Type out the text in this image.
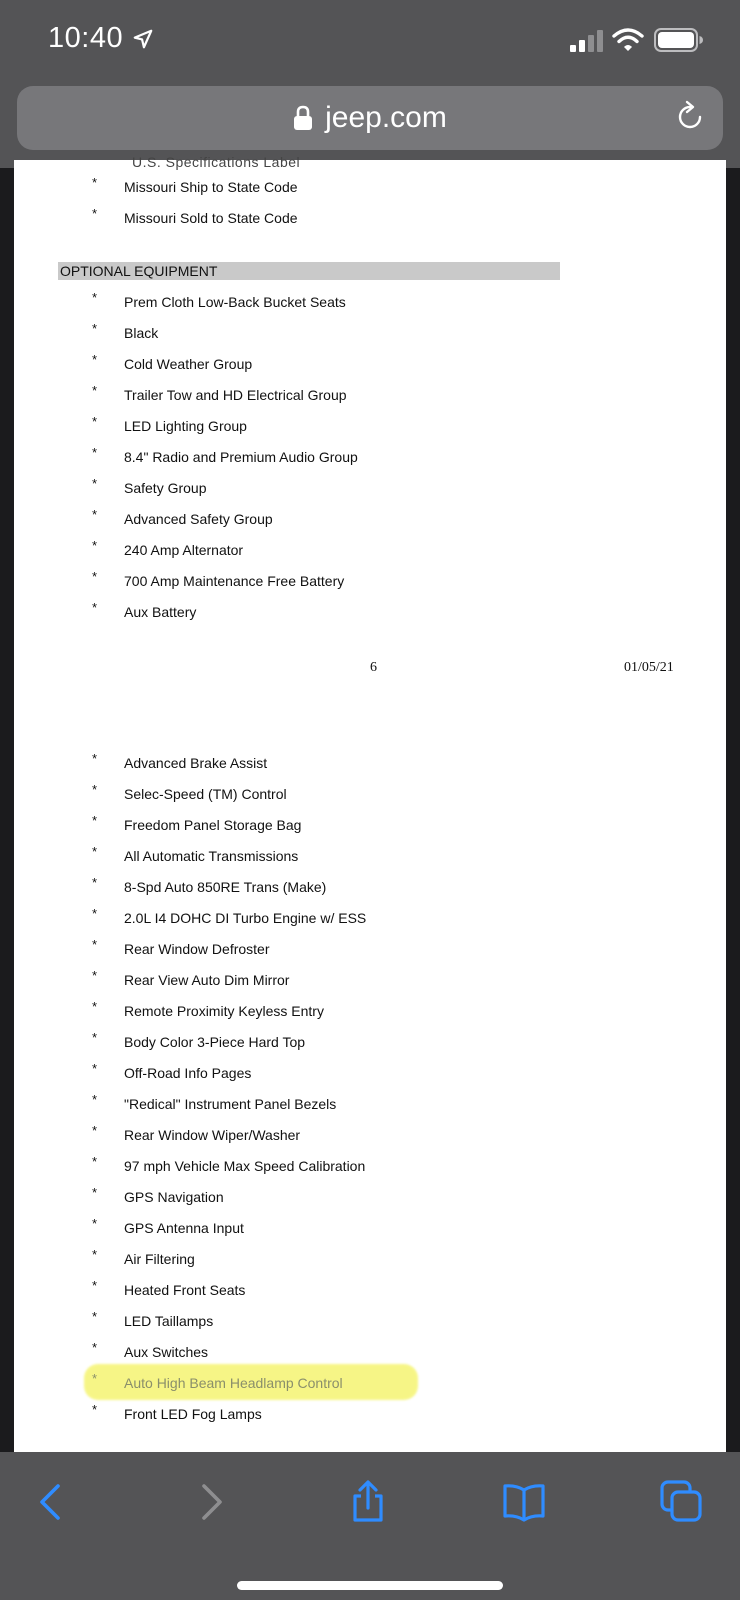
10:40
jeep.com
U.S. Specifications Label
* Missouri Ship to State Code
* Missouri Sold to State Code
OPTIONAL EQUIPMENT
* Prem Cloth Low-Back Bucket Seats
* Black
* Cold Weather Group
* Trailer Tow and HD Electrical Group
* LED Lighting Group
* 8.4" Radio and Premium Audio Group
* Safety Group
* Advanced Safety Group
* 240 Amp Alternator
* 700 Amp Maintenance Free Battery
* Aux Battery
6	01/05/21
* Advanced Brake Assist
* Selec-Speed (TM) Control
* Freedom Panel Storage Bag
* All Automatic Transmissions
* 8-Spd Auto 850RE Trans (Make)
* 2.0L I4 DOHC DI Turbo Engine w/ ESS
* Rear Window Defroster
* Rear View Auto Dim Mirror
* Remote Proximity Keyless Entry
* Body Color 3-Piece Hard Top
* Off-Road Info Pages
* "Redical" Instrument Panel Bezels
* Rear Window Wiper/Washer
* 97 mph Vehicle Max Speed Calibration
* GPS Navigation
* GPS Antenna Input
* Air Filtering
* Heated Front Seats
* LED Taillamps
* Aux Switches
* Auto High Beam Headlamp Control
* Front LED Fog Lamps
